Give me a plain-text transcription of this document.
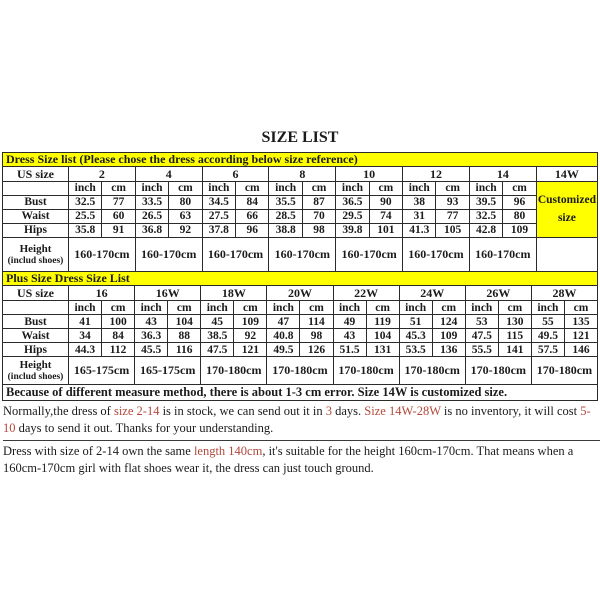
SIZE LIST
Dress Size list (Please chose the dress according below size reference)															
US size	2		4		6		8		10		12		14		14W
	inch	cm	inch	cm	inch	cm	inch	cm	inch	cm	inch	cm	inch	cm	Customized size
Bust	32.5	77	33.5	80	34.5	84	35.5	87	36.5	90	38	93	39.5	96	
Waist	25.5	60	26.5	63	27.5	66	28.5	70	29.5	74	31	77	32.5	80	
Hips	35.8	91	36.8	92	37.8	96	38.8	98	39.8	101	41.3	105	42.8	109	

Height
(includ shoes)	160-170cm		160-170cm		160-170cm		160-170cm		160-170cm		160-170cm		160-170cm		
Plus Size Dress Size List																
US size	16		16W		18W		20W		22W		24W		26W		28W	
	inch	cm	inch	cm	inch	cm	inch	cm	inch	cm	inch	cm	inch	cm	inch	cm
Bust	41	100	43	104	45	109	47	114	49	119	51	124	53	130	55	135
Waist	34	84	36.3	88	38.5	92	40.8	98	43	104	45.3	109	47.5	115	49.5	121
Hips	44.3	112	45.5	116	47.5	121	49.5	126	51.5	131	53.5	136	55.5	141	57.5	146

Height
(includ shoes)	165-175cm		165-175cm		170-180cm		170-180cm		170-180cm		170-180cm		170-180cm		170-180cm	
Because of different measure method, there is about 1-3 cm error. Size 14W is customized size.																

Normally,the dress of size 2-14 is in stock, we can send out it in 3 days. Size 14W-28W is no inventory, it will cost 5-10 days to send it out. Thanks for your understanding.

Dress with size of 2-14 own the same length 140cm, it's suitable for the height 160cm-170cm. That means when a 160cm-170cm girl with flat shoes wear it, the dress can just touch ground.
